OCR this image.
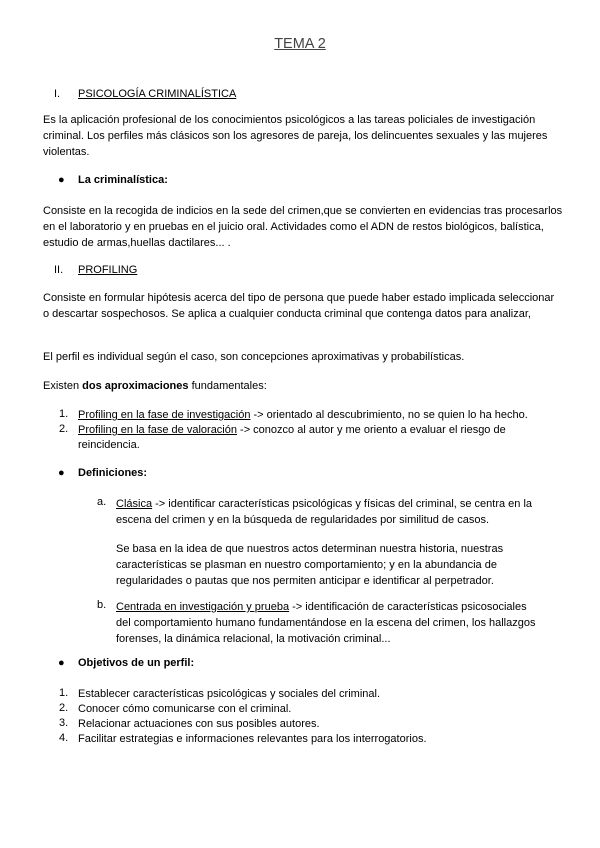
TEMA 2
I. PSICOLOGÍA CRIMINALÍSTICA
Es la aplicación profesional de los conocimientos psicológicos a las tareas policiales de investigación criminal. Los perfiles más clásicos son los agresores de pareja, los delincuentes sexuales y las mujeres violentas.
● La criminalística:
Consiste en la recogida de indicios en la sede del crimen,que se convierten en evidencias tras procesarlos en el laboratorio y en pruebas en el juicio oral. Actividades como el ADN de restos biológicos, balística, estudio de armas,huellas dactilares... .
II. PROFILING
Consiste en formular hipótesis acerca del tipo de persona que puede haber estado implicada seleccionar o descartar sospechosos. Se aplica a cualquier conducta criminal que contenga datos para analizar,
El perfil es individual según el caso, son concepciones aproximativas y probabilísticas.
Existen dos aproximaciones fundamentales:
1. Profiling en la fase de investigación -> orientado al descubrimiento, no se quien lo ha hecho.
2. Profiling en la fase de valoración -> conozco al autor y me oriento a evaluar el riesgo de reincidencia.
● Definiciones:
a. Clásica -> identificar características psicológicas y físicas del criminal, se centra en la escena del crimen y en la búsqueda de regularidades por similitud de casos.
Se basa en la idea de que nuestros actos determinan nuestra historia, nuestras características se plasman en nuestro comportamiento; y en la abundancia de regularidades o pautas que nos permiten anticipar e identificar al perpetrador.
b. Centrada en investigación y prueba -> identificación de características psicosociales del comportamiento humano fundamentándose en la escena del crimen, los hallazgos forenses, la dinámica relacional, la motivación criminal...
● Objetivos de un perfil:
1. Establecer características psicológicas y sociales del criminal.
2. Conocer cómo comunicarse con el criminal.
3. Relacionar actuaciones con sus posibles autores.
4. Facilitar estrategias e informaciones relevantes para los interrogatorios.
